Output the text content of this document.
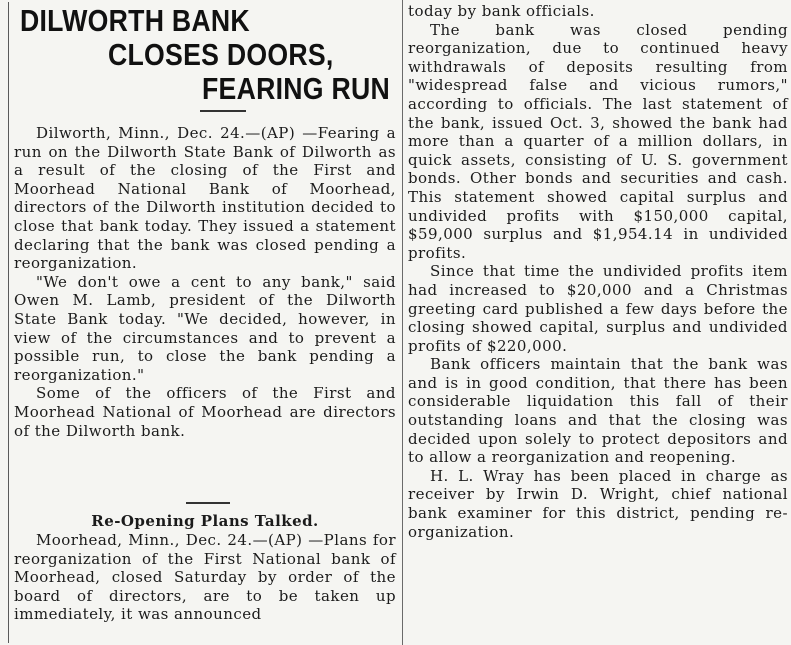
DILWORTH BANK
CLOSES DOORS,
FEARING RUN

Dilworth, Minn., Dec. 24.—(AP) —Fearing a run on the Dilworth State Bank of Dilworth as a result of the closing of the First and Moorhead National Bank of Moorhead, directors of the Dilworth institution decided to close that bank today. They issued a statement declaring that the bank was closed pending a reorganization.

"We don't owe a cent to any bank," said Owen M. Lamb, president of the Dilworth State Bank today. "We decided, however, in view of the circumstances and to prevent a possible run, to close the bank pending a reorganization."

Some of the officers of the First and Moorhead National of Moorhead are directors of the Dilworth bank.

Re-Opening Plans Talked.

Moorhead, Minn., Dec. 24.—(AP) —Plans for reorganization of the First National bank of Moorhead, closed Saturday by order of the board of directors, are to be taken up immediately, it was announced

today by bank officials.

The bank was closed pending reorganization, due to continued heavy withdrawals of deposits resulting from "widespread false and vicious rumors," according to officials. The last statement of the bank, issued Oct. 3, showed the bank had more than a quarter of a million dollars, in quick assets, consisting of U. S. government bonds. Other bonds and securities and cash. This statement showed capital surplus and undivided profits with $150,000 capital, $59,000 surplus and $1,954.14 in undivided profits.

Since that time the undivided profits item had increased to $20,000 and a Christmas greeting card published a few days before the closing showed capital, surplus and undivided profits of $220,000.

Bank officers maintain that the bank was and is in good condition, that there has been considerable liquidation this fall of their outstanding loans and that the closing was decided upon solely to protect depositors and to allow a reorganization and reopening.

H. L. Wray has been placed in charge as receiver by Irwin D. Wright, chief national bank examiner for this district, pending re-organization.
